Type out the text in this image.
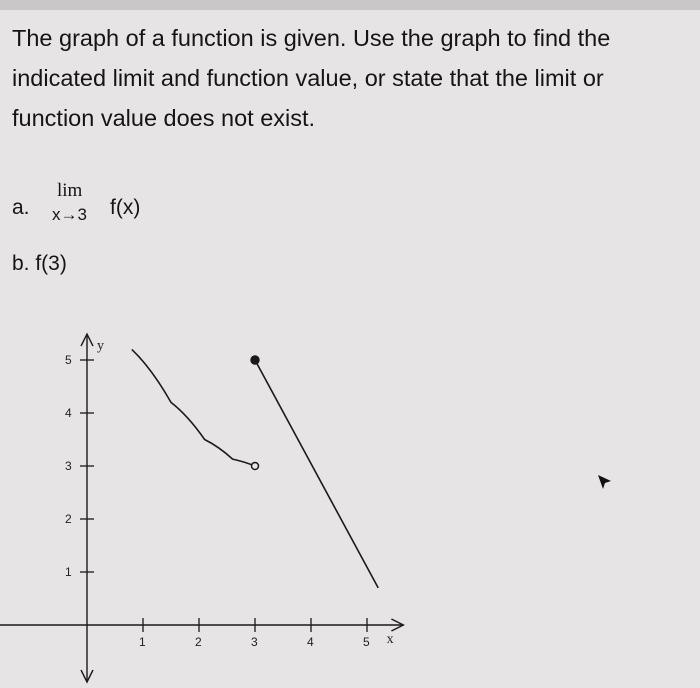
The graph of a function is given. Use the graph to find the
indicated limit and function value, or state that the limit or
function value does not exist.
a.
lim
x→3 f(x)
b. f(3)
x
y
1	2	3	4	5
1
2
3
4
5
